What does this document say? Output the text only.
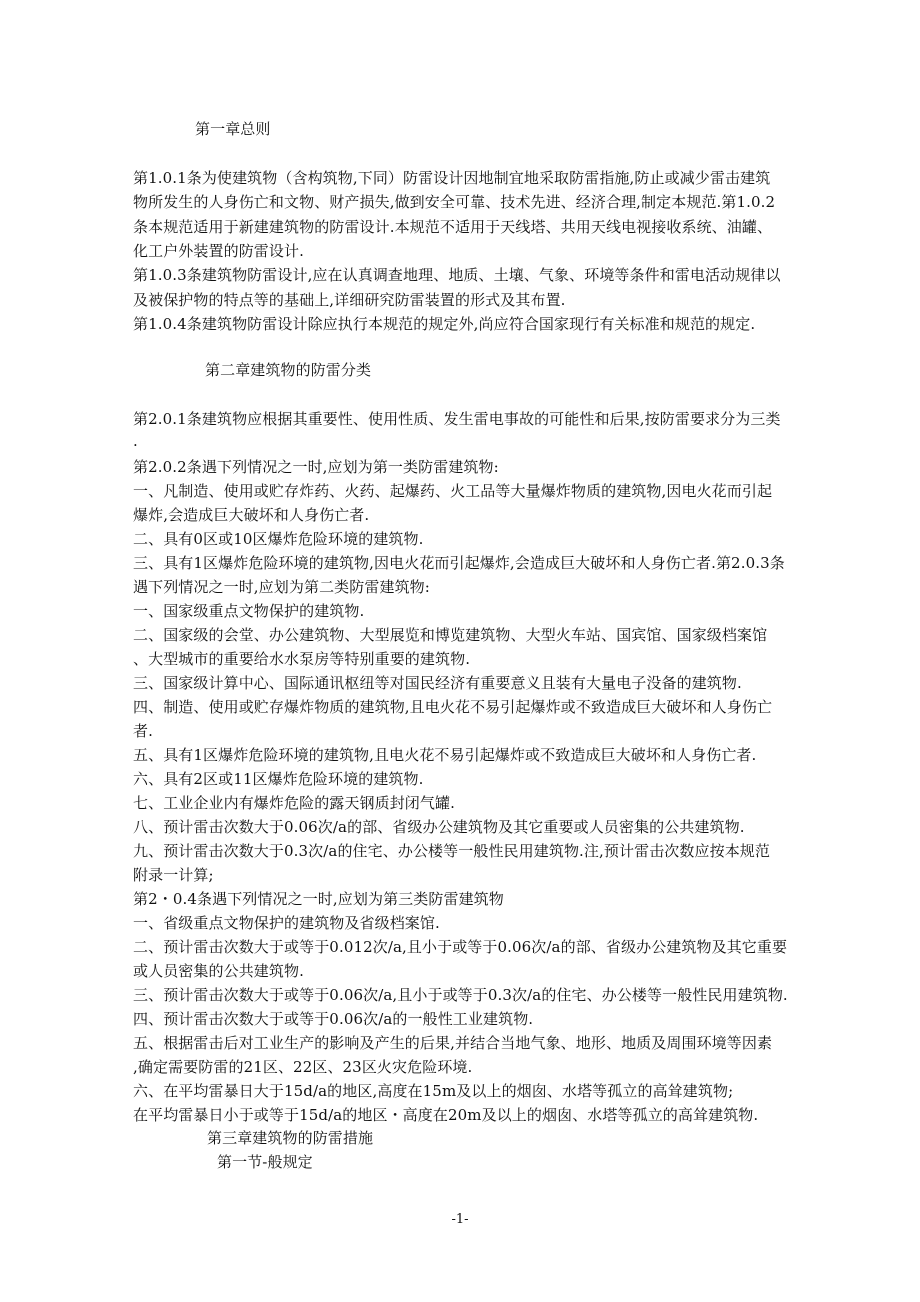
第一章总则

第1.0.1条为使建筑物（含构筑物,下同）防雷设计因地制宜地采取防雷指施,防止或减少雷击建筑

物所发生的人身伤亡和文物、财产损失,做到安全可靠、技术先进、经济合理,制定本规范.第1.0.2

条本规范适用于新建建筑物的防雷设计.本规范不适用于天线塔、共用天线电视接收系统、油罐、

化工户外装置的防雷设计.

第1.0.3条建筑物防雷设计,应在认真调查地理、地质、土壤、气象、环境等条件和雷电活动规律以

及被保护物的特点等的基础上,详细研究防雷装置的形式及其布置.

第1.0.4条建筑物防雷设计除应执行本规范的规定外,尚应符合国家现行有关标准和规范的规定.

第二章建筑物的防雷分类

第2.0.1条建筑物应根据其重要性、使用性质、发生雷电事故的可能性和后果,按防雷要求分为三类

.

第2.0.2条遇下列情况之一时,应划为第一类防雷建筑物:

一、凡制造、使用或贮存炸药、火药、起爆药、火工品等大量爆炸物质的建筑物,因电火花而引起

爆炸,会造成巨大破坏和人身伤亡者.

二、具有0区或10区爆炸危险环境的建筑物.

三、具有1区爆炸危险环境的建筑物,因电火花而引起爆炸,会造成巨大破坏和人身伤亡者.第2.0.3条

遇下列情况之一时,应划为第二类防雷建筑物:

一、国家级重点文物保护的建筑物.

二、国家级的会堂、办公建筑物、大型展览和博览建筑物、大型火车站、国宾馆、国家级档案馆

、大型城市的重要给水水泵房等特别重要的建筑物.

三、国家级计算中心、国际通讯枢纽等对国民经济有重要意义且装有大量电子没备的建筑物.

四、制造、使用或贮存爆炸物质的建筑物,且电火花不易引起爆炸或不致造成巨大破坏和人身伤亡

者.

五、具有1区爆炸危险环境的建筑物,且电火花不易引起爆炸或不致造成巨大破坏和人身伤亡者.

六、具有2区或11区爆炸危险环境的建筑物.

七、工业企业内有爆炸危险的露天钢质封闭气罐.

八、预计雷击次数大于0.06次/a的部、省级办公建筑物及其它重要或人员密集的公共建筑物.

九、预计雷击次数大于0.3次/a的住宅、办公楼等一般性民用建筑物.注,预计雷击次数应按本规范

附录一计算;

第2・0.4条遇下列情况之一时,应划为第三类防雷建筑物

一、省级重点文物保护的建筑物及省级档案馆.

二、预计雷击次数大于或等于0.012次/a,且小于或等于0.06次/a的部、省级办公建筑物及其它重要

或人员密集的公共建筑物.

三、预计雷击次数大于或等于0.06次/a,且小于或等于0.3次/a的住宅、办公楼等一般性民用建筑物.

四、预计雷击次数大于或等于0.06次/a的一般性工业建筑物.

五、根据雷击后对工业生产的影响及产生的后果,并结合当地气象、地形、地质及周围环境等因素

,确定需要防雷的21区、22区、23区火灾危险环境.

六、在平均雷暴日大于15d/a的地区,高度在15m及以上的烟囱、水塔等孤立的高耸建筑物;

在平均雷暴日小于或等于15d/a的地区・高度在20m及以上的烟囱、水塔等孤立的高耸建筑物.

第三章建筑物的防雷措施

第一节-般规定

-1-
